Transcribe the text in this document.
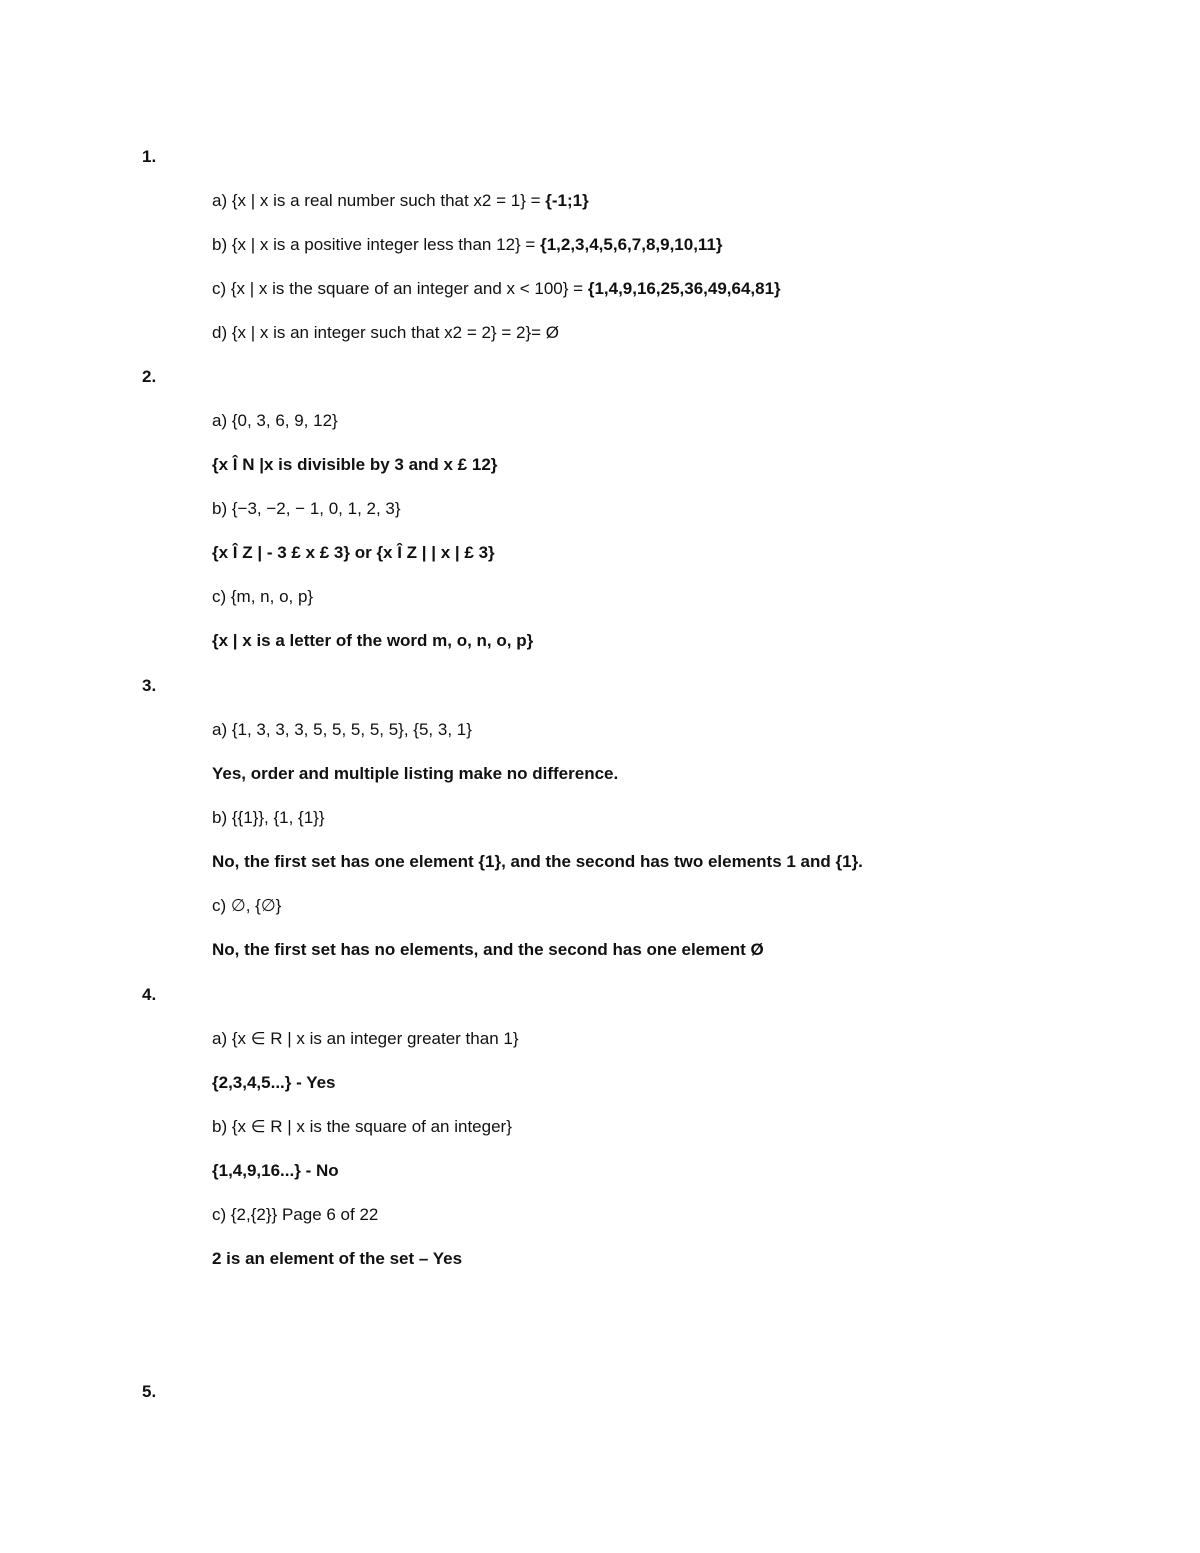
1.
a) {x | x is a real number such that x2 = 1} = {-1;1}
b) {x | x is a positive integer less than 12} = {1,2,3,4,5,6,7,8,9,10,11}
c) {x | x is the square of an integer and x < 100} = {1,4,9,16,25,36,49,64,81}
d) {x | x is an integer such that x2 = 2} = 2}= Ø
2.
a) {0, 3, 6, 9, 12}
{x Î N |x is divisible by 3 and x £ 12}
b) {−3, −2, − 1, 0, 1, 2, 3}
{x Î Z | - 3 £ x £ 3} or {x Î Z | | x | £ 3}
c) {m, n, o, p}
{x | x is a letter of the word m, o, n, o, p}
3.
a) {1, 3, 3, 3, 5, 5, 5, 5, 5}, {5, 3, 1}
Yes, order and multiple listing make no difference.
b) {{1}}, {1, {1}}
No, the first set has one element {1}, and the second has two elements 1 and {1}.
c) ∅, {∅}
No, the first set has no elements, and the second has one element Ø
4.
a) {x ∈ R | x is an integer greater than 1}
{2,3,4,5...} - Yes
b) {x ∈ R | x is the square of an integer}
{1,4,9,16...} - No
c) {2,{2}} Page 6 of 22
2 is an element of the set – Yes
5.
